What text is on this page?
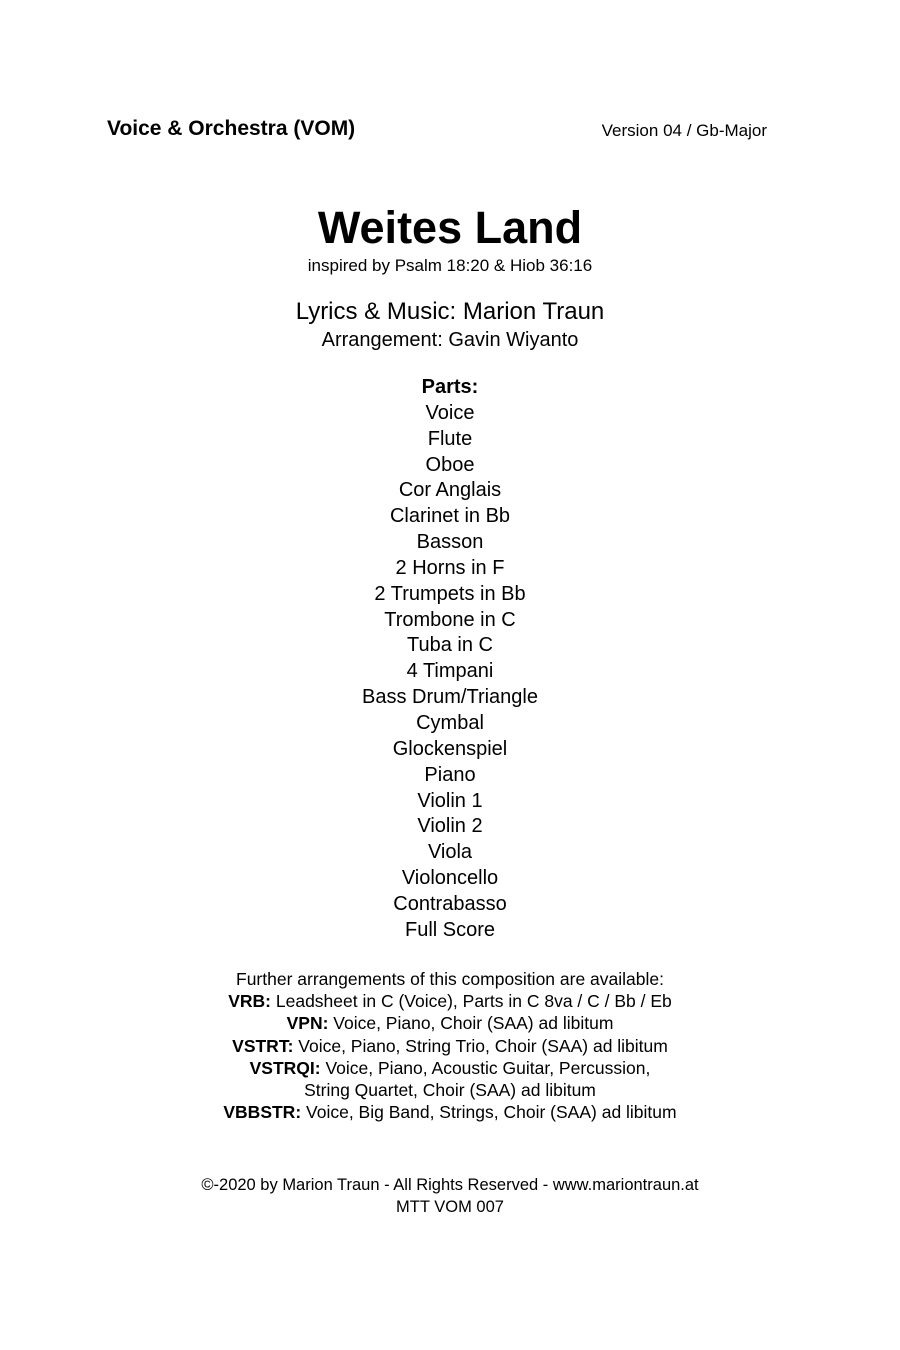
Voice & Orchestra (VOM)	Version 04 / Gb-Major
Weites Land
inspired by Psalm 18:20 & Hiob 36:16
Lyrics & Music: Marion Traun
Arrangement: Gavin Wiyanto
Parts:
Voice
Flute
Oboe
Cor Anglais
Clarinet in Bb
Basson
2 Horns in F
2 Trumpets in Bb
Trombone in C
Tuba in C
4 Timpani
Bass Drum/Triangle
Cymbal
Glockenspiel
Piano
Violin 1
Violin 2
Viola
Violoncello
Contrabasso
Full Score
Further arrangements of this composition are available:
VRB: Leadsheet in C (Voice), Parts in C 8va / C / Bb / Eb
VPN: Voice, Piano, Choir (SAA) ad libitum
VSTRT: Voice, Piano, String Trio, Choir (SAA) ad libitum
VSTRQI: Voice, Piano, Acoustic Guitar, Percussion,
String Quartet, Choir (SAA) ad libitum
VBBSTR: Voice, Big Band, Strings, Choir (SAA) ad libitum
©-2020 by Marion Traun - All Rights Reserved - www.mariontraun.at
MTT VOM 007
